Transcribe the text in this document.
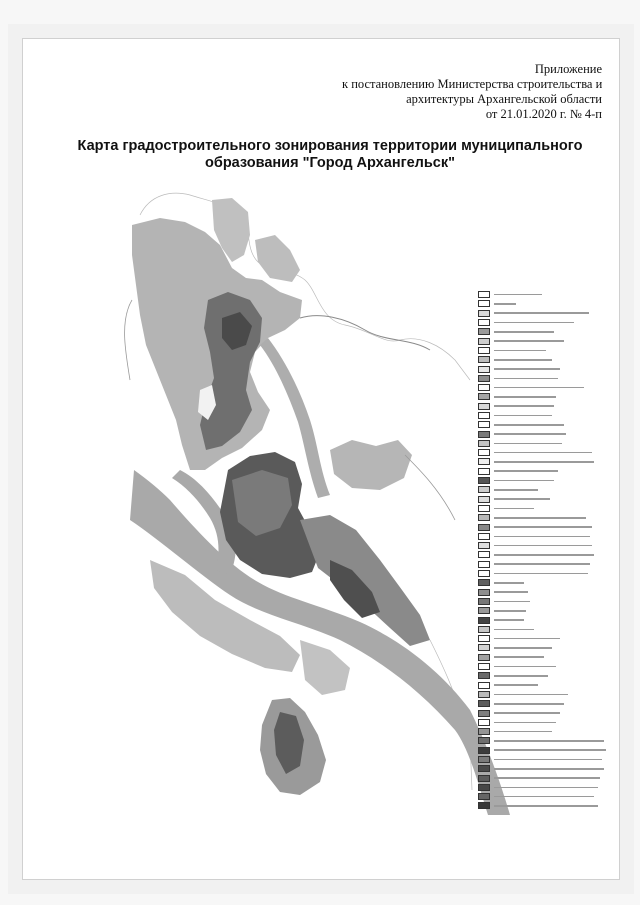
Приложение
к постановлению Министерства строительства и
архитектуры Архангельской области
от 21.01.2020 г. № 4-п
Карта градостроительного зонирования территории муниципального
образования "Город Архангельск"
